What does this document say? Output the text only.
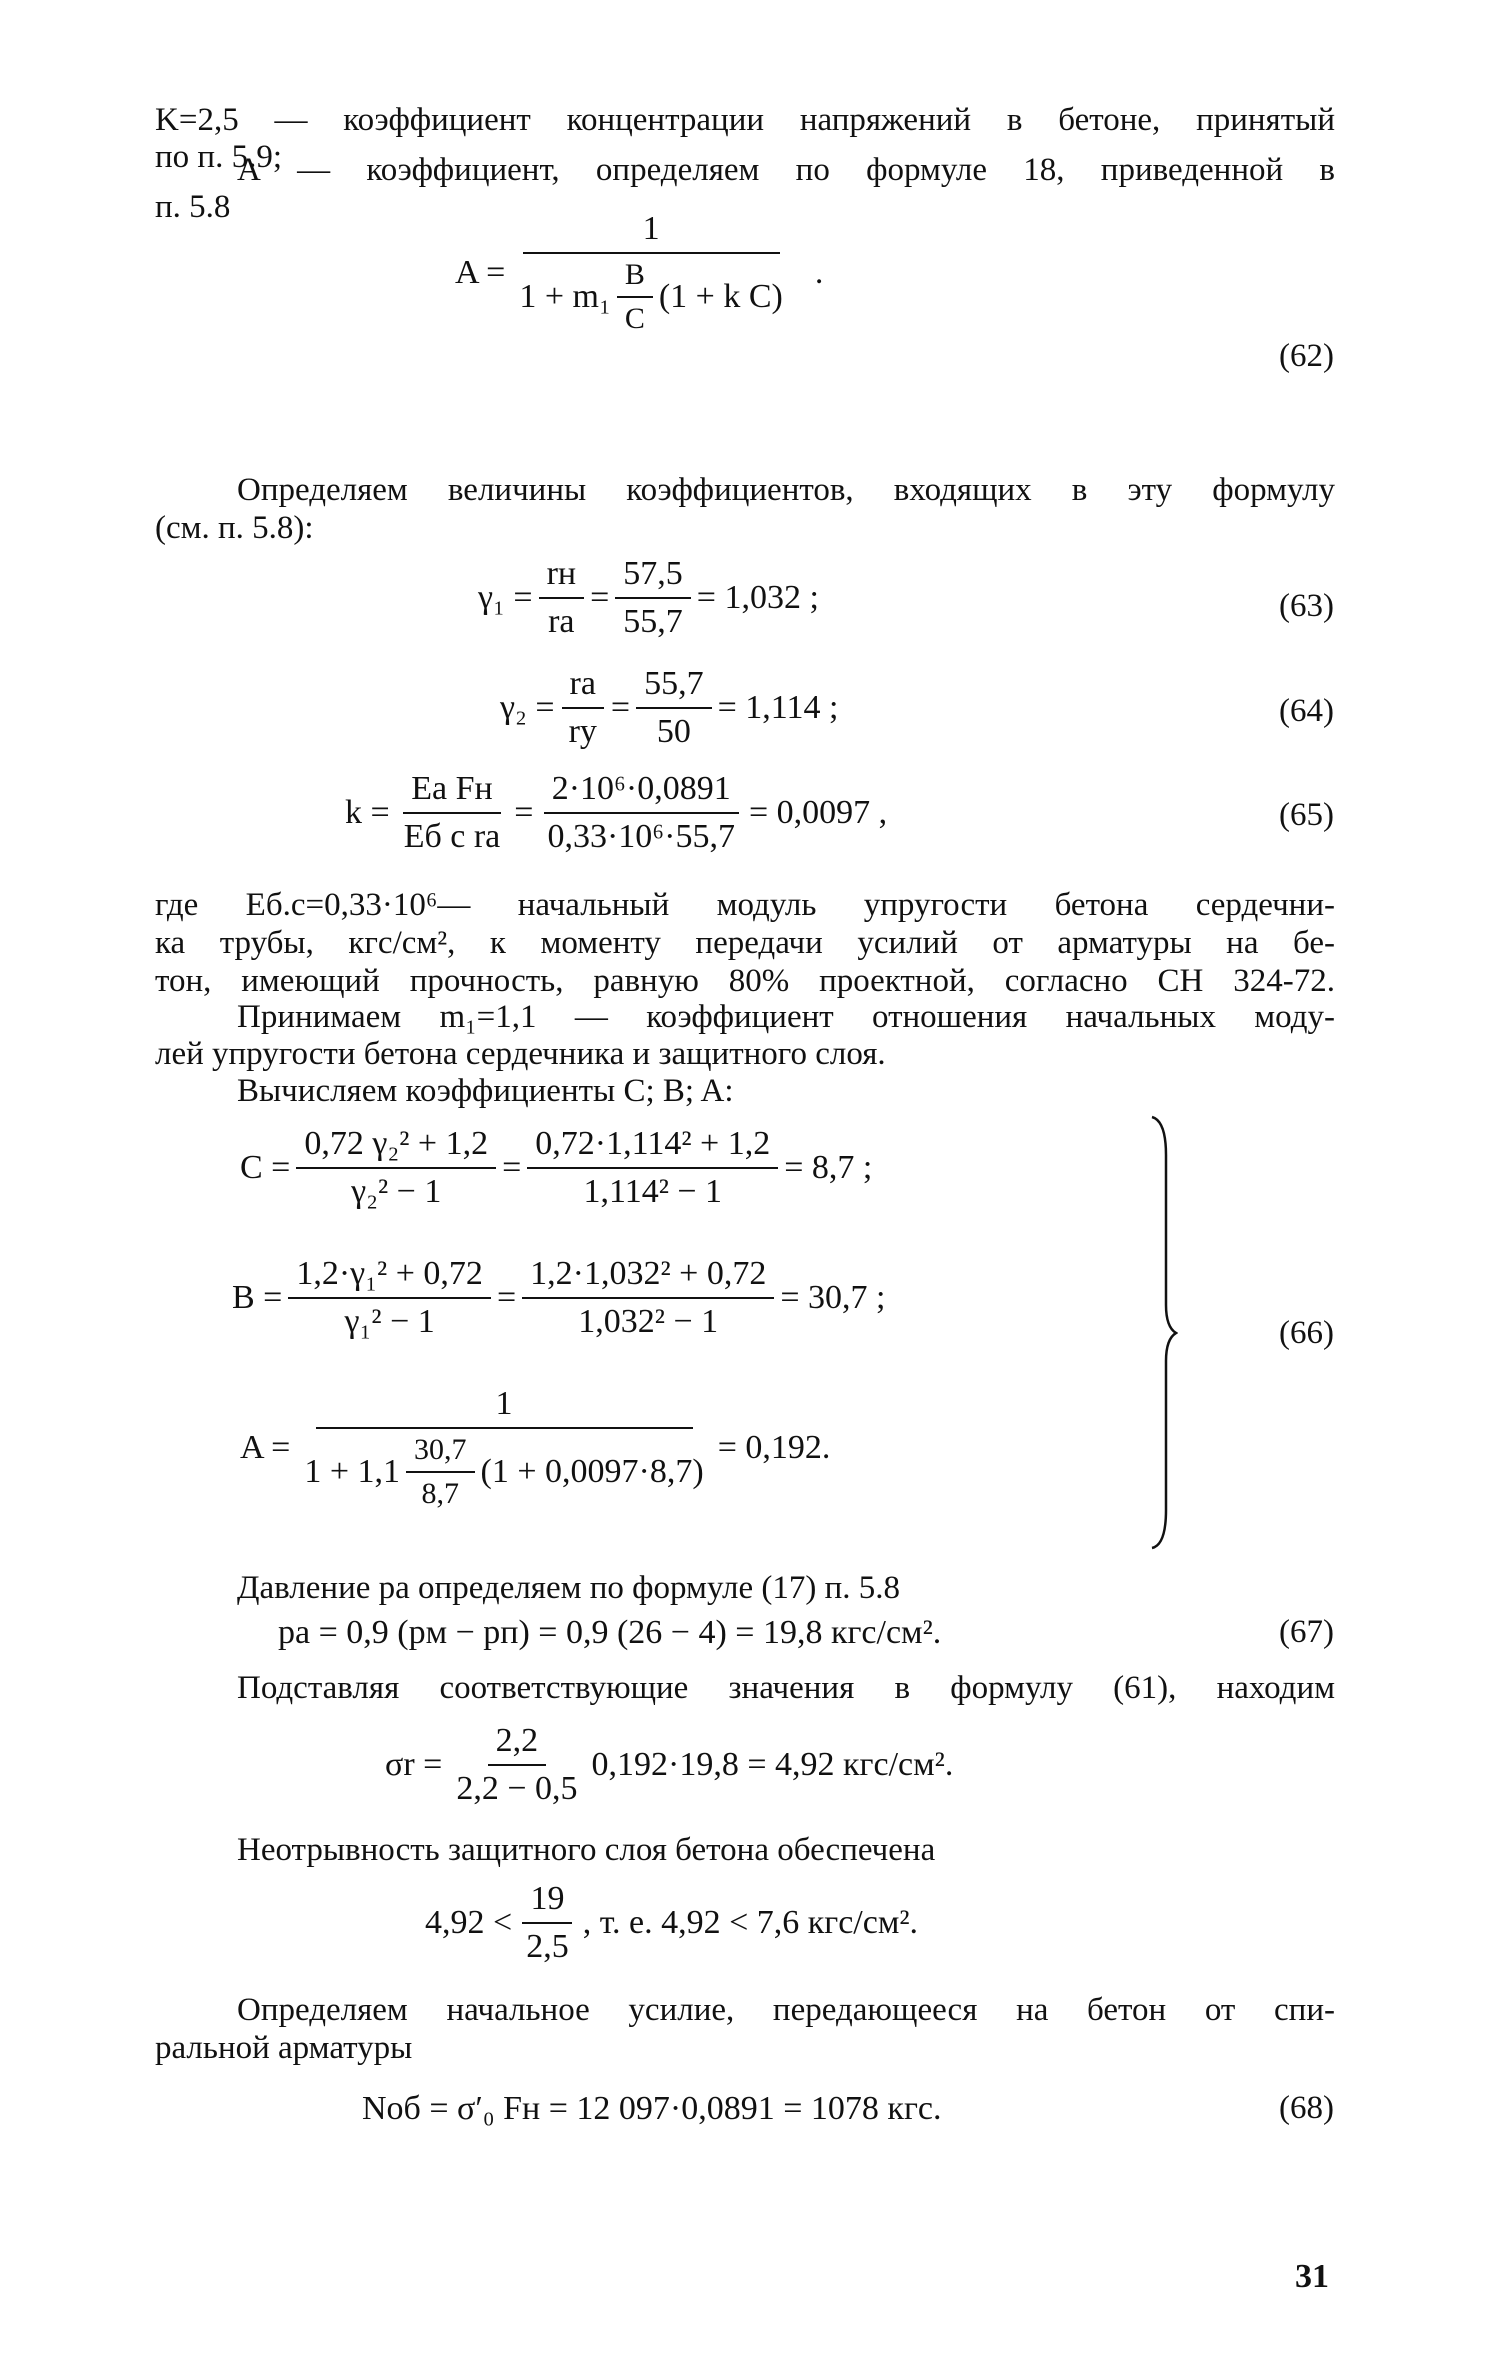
K=2,5 — коэффициент концентрации напряжений в бетоне, принятый
по п. 5.9;
А — коэффициент, определяем по формуле 18, приведенной в
п. 5.8
A =
1
$1 + m_1 \frac{B}{C} (1 + k$ C)
.
(62)
Определяем величины коэффициентов, входящих в эту формулу
(см. п. 5.8):
$\gamma_1 = \frac{rн}{rа} = \frac{57,5}{55,7} = 1,032$ ;	(63)
$\gamma_2 = \frac{rа}{rу} = \frac{55,7}{50} = 1,114$ ;	(64)
$k = \frac{\text{Eа Fн}}{\text{Eб с rа}} = \frac{\text{2·10⁶·0,0891}}{\text{0,33·10⁶·55,7}} = 0,0097$ ,	(65)
где Еб.с=0,33·10⁶— начальный модуль упругости бетона сердечни-
ка трубы, кгс/см², к моменту передачи усилий от арматуры на бе-
тон, имеющий прочность, равную 80% проектной, согласно СН 324-72.
Принимаем m₁=1,1 — коэффициент отношения начальных моду-
лей упругости бетона сердечника и защитного слоя.
Вычисляем коэффициенты C; B; A:
$C = \frac{\text{0,72 γ₂² + 1,2}}{\text{γ₂² − 1}} = \frac{\text{0,72·1,114² + 1,2}}{\text{1,114² − 1}} = 8,7$ ;
$B = \frac{\text{1,2·γ₁² + 0,72}}{\text{γ₁² − 1}} = \frac{\text{1,2·1,032² + 0,72}}{\text{1,032² − 1}} = 30,7$ ;
A =
1
$1 + 1,1 \frac{30,7}{8,7} (1 + 0,0097\cdot 8,7)$
= 0,192.
(66)
Давление pа определяем по формуле (17) п. 5.8
pа = 0,9 (pм − pп) = 0,9 (26 − 4) = 19,8 кгс/см².	(67)
Подставляя соответствующие значения в формулу (61), находим
$\sigma r = \frac{2,2}{2,2 - 0,5} 0,192\cdot 19,8 = 4,92$ кгс/см².
Неотрывность защитного слоя бетона обеспечена
$4,92 < \frac{19}{2,5}$ , т. е. 4,92 < 7,6 кгс/см².
Определяем начальное усилие, передающееся на бетон от спи-
ральной арматуры
Nоб = σ′₀ Fн = 12 097·0,0891 = 1078 кгс.	(68)
31
